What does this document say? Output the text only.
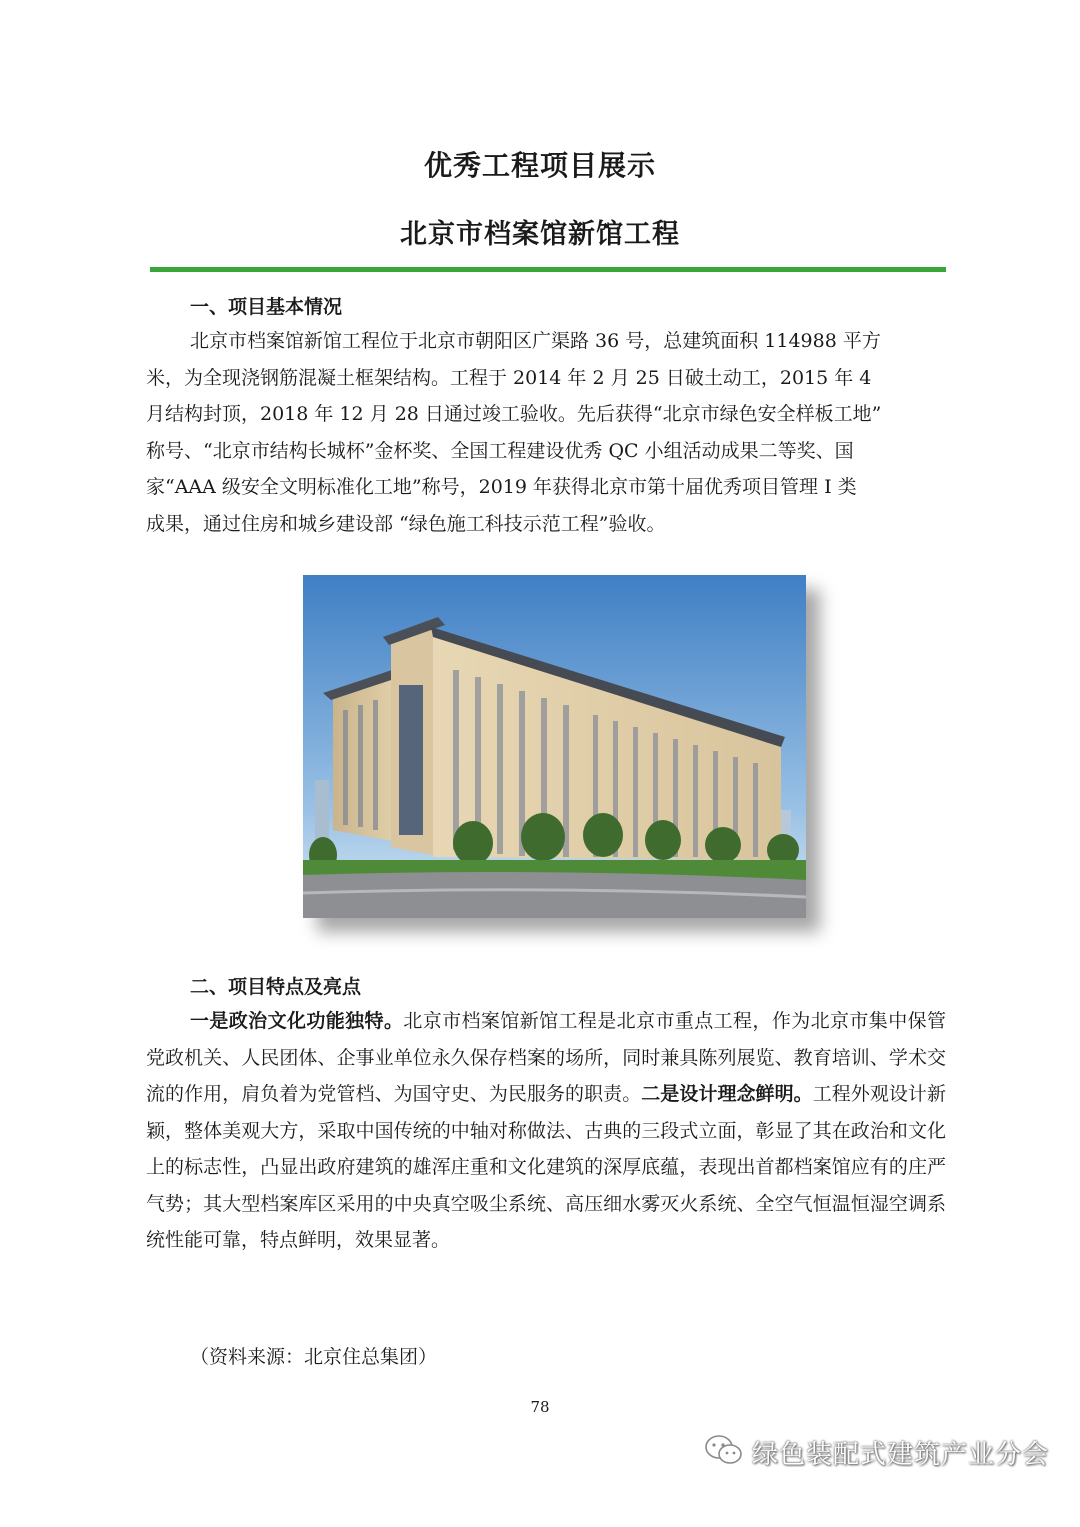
优秀工程项目展示
北京市档案馆新馆工程
一、项目基本情况
北京市档案馆新馆工程位于北京市朝阳区广渠路 36 号，总建筑面积 114988 平方
米，为全现浇钢筋混凝土框架结构。工程于 2014 年 2 月 25 日破土动工，2015 年 4
月结构封顶，2018 年 12 月 28 日通过竣工验收。先后获得“北京市绿色安全样板工地”
称号、“北京市结构长城杯”金杯奖、全国工程建设优秀 QC 小组活动成果二等奖、国
家“AAA 级安全文明标准化工地”称号，2019 年获得北京市第十届优秀项目管理 I 类
成果，通过住房和城乡建设部 “绿色施工科技示范工程”验收。
二、项目特点及亮点
一是政治文化功能独特。北京市档案馆新馆工程是北京市重点工程，作为北京市集中保管党政机关、人民团体、企事业单位永久保存档案的场所，同时兼具陈列展览、教育培训、学术交流的作用，肩负着为党管档、为国守史、为民服务的职责。二是设计理念鲜明。工程外观设计新颖，整体美观大方，采取中国传统的中轴对称做法、古典的三段式立面，彰显了其在政治和文化上的标志性，凸显出政府建筑的雄浑庄重和文化建筑的深厚底蕴，表现出首都档案馆应有的庄严气势；其大型档案库区采用的中央真空吸尘系统、高压细水雾灭火系统、全空气恒温恒湿空调系统性能可靠，特点鲜明，效果显著。
（资料来源：北京住总集团）
78
绿色装配式建筑产业分会
